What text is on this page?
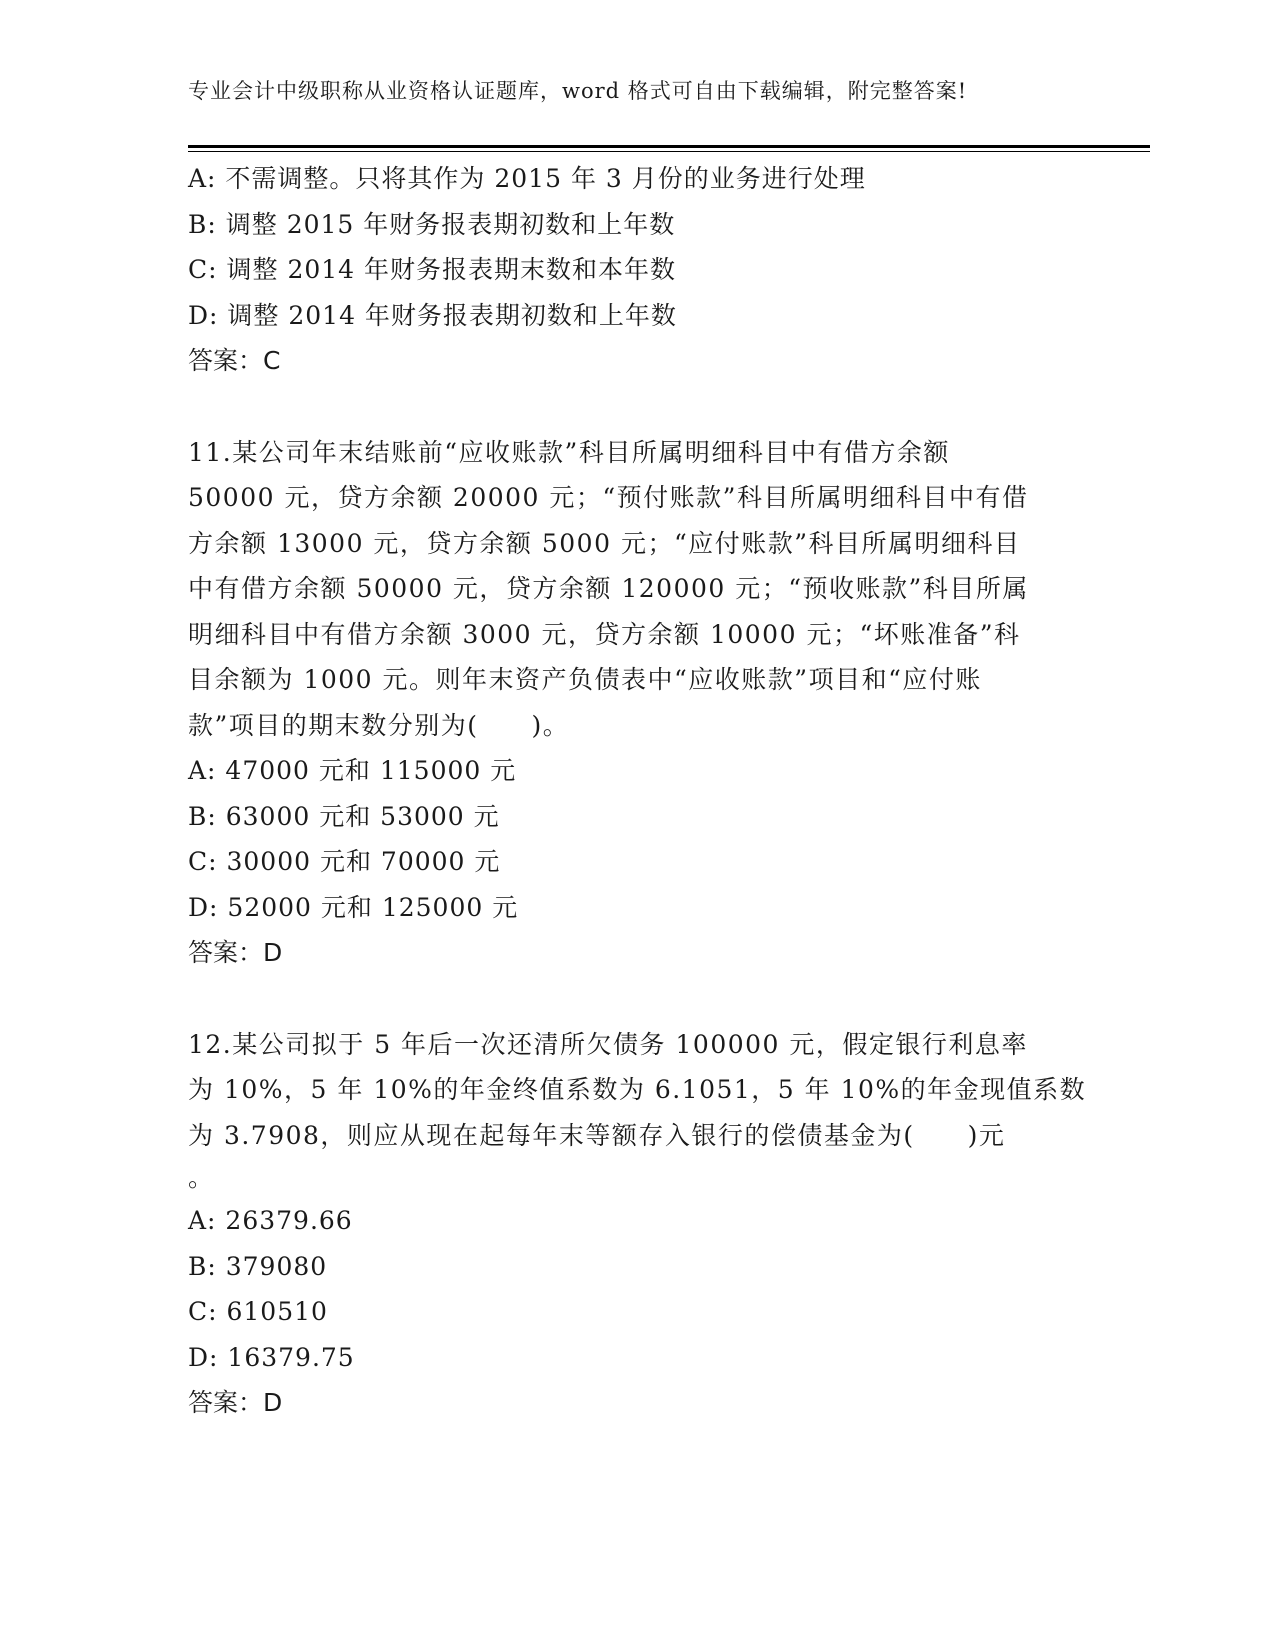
专业会计中级职称从业资格认证题库，word 格式可自由下载编辑，附完整答案!
A: 不需调整。只将其作为 2015 年 3 月份的业务进行处理
B: 调整 2015 年财务报表期初数和上年数
C: 调整 2014 年财务报表期末数和本年数
D: 调整 2014 年财务报表期初数和上年数
答案：C
11.某公司年末结账前“应收账款”科目所属明细科目中有借方余额
50000 元，贷方余额 20000 元；“预付账款”科目所属明细科目中有借
方余额 13000 元，贷方余额 5000 元；“应付账款”科目所属明细科目
中有借方余额 50000 元，贷方余额 120000 元；“预收账款”科目所属
明细科目中有借方余额 3000 元，贷方余额 10000 元；“坏账准备”科
目余额为 1000 元。则年末资产负债表中“应收账款”项目和“应付账
款”项目的期末数分别为(　　)。
A: 47000 元和 115000 元
B: 63000 元和 53000 元
C: 30000 元和 70000 元
D: 52000 元和 125000 元
答案：D
12.某公司拟于 5 年后一次还清所欠债务 100000 元，假定银行利息率
为 10%，5 年 10%的年金终值系数为 6.1051，5 年 10%的年金现值系数
为 3.7908，则应从现在起每年末等额存入银行的偿债基金为(　　)元
。
A: 26379.66
B: 379080
C: 610510
D: 16379.75
答案：D
